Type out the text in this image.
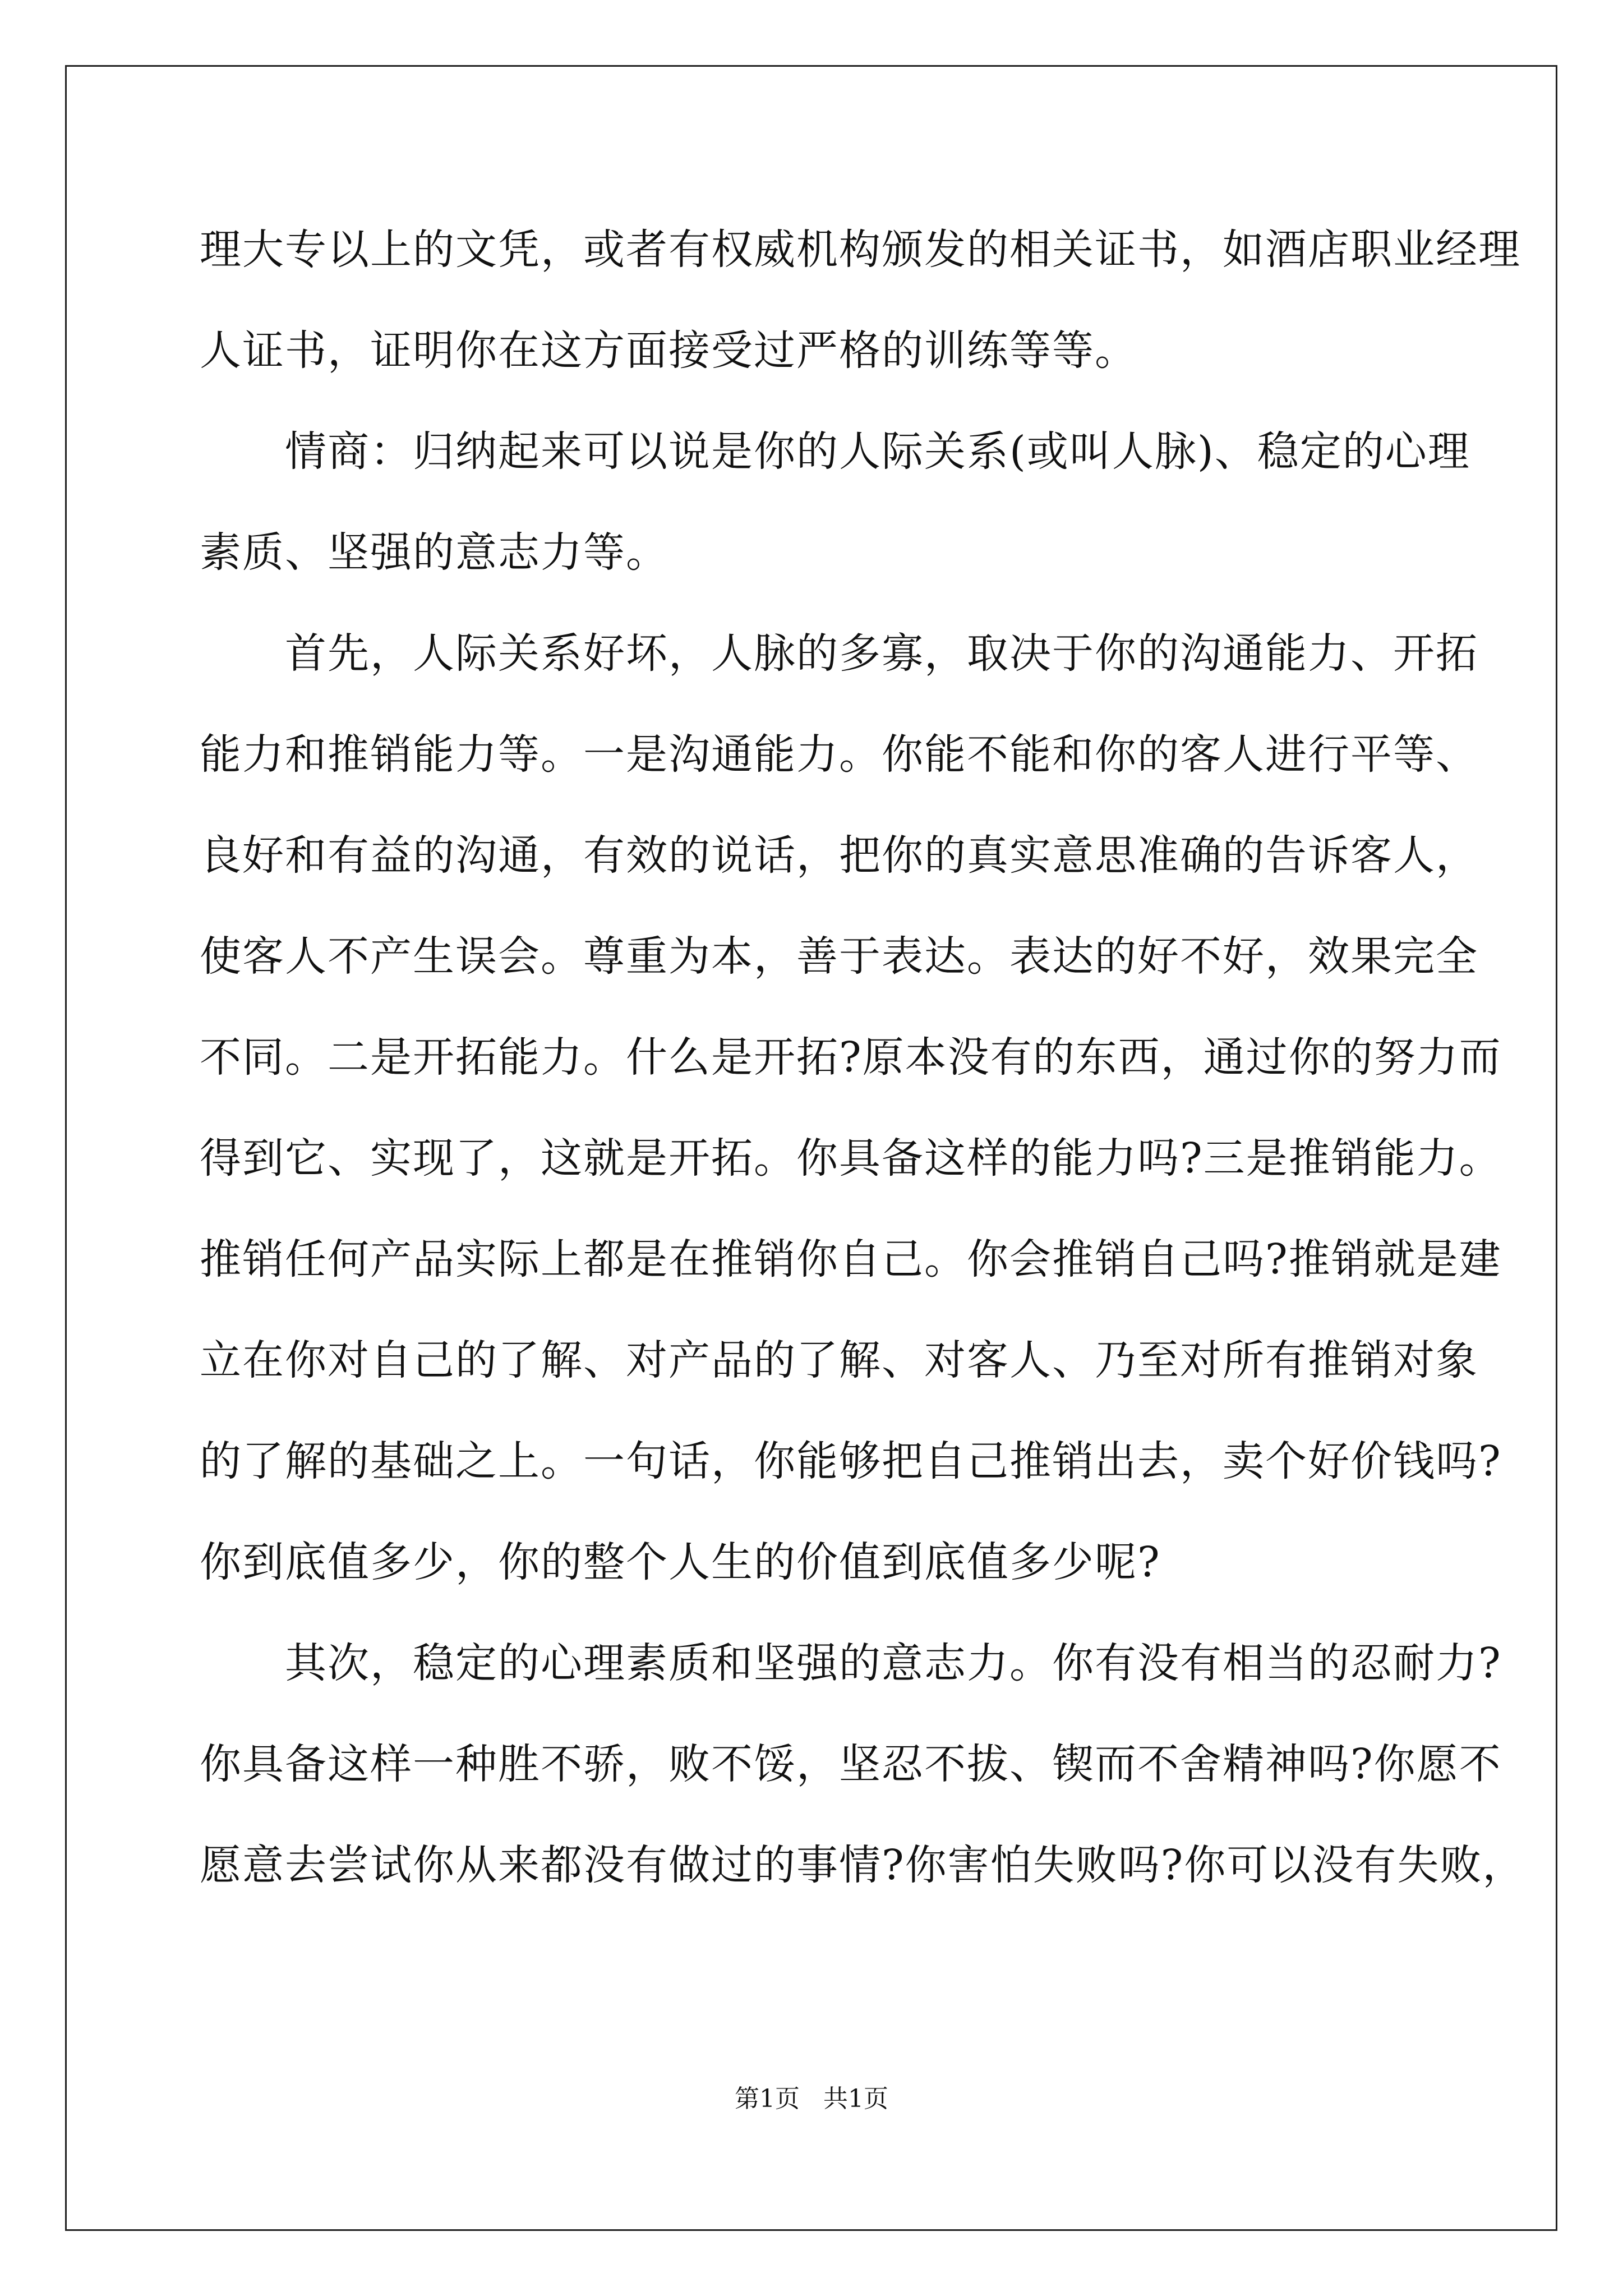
理大专以上的文凭，或者有权威机构颁发的相关证书，如酒店职业经理
人证书，证明你在这方面接受过严格的训练等等。
　　情商：归纳起来可以说是你的人际关系(或叫人脉)、稳定的心理
素质、坚强的意志力等。
　　首先，人际关系好坏，人脉的多寡，取决于你的沟通能力、开拓
能力和推销能力等。一是沟通能力。你能不能和你的客人进行平等、
良好和有益的沟通，有效的说话，把你的真实意思准确的告诉客人，
使客人不产生误会。尊重为本，善于表达。表达的好不好，效果完全
不同。二是开拓能力。什么是开拓?原本没有的东西，通过你的努力而
得到它、实现了，这就是开拓。你具备这样的能力吗?三是推销能力。
推销任何产品实际上都是在推销你自己。你会推销自己吗?推销就是建
立在你对自己的了解、对产品的了解、对客人、乃至对所有推销对象
的了解的基础之上。一句话，你能够把自己推销出去，卖个好价钱吗?
你到底值多少，你的整个人生的价值到底值多少呢?
　　其次，稳定的心理素质和坚强的意志力。你有没有相当的忍耐力?
你具备这样一种胜不骄，败不馁，坚忍不拔、锲而不舍精神吗?你愿不
愿意去尝试你从来都没有做过的事情?你害怕失败吗?你可以没有失败，
第1页   共1页
